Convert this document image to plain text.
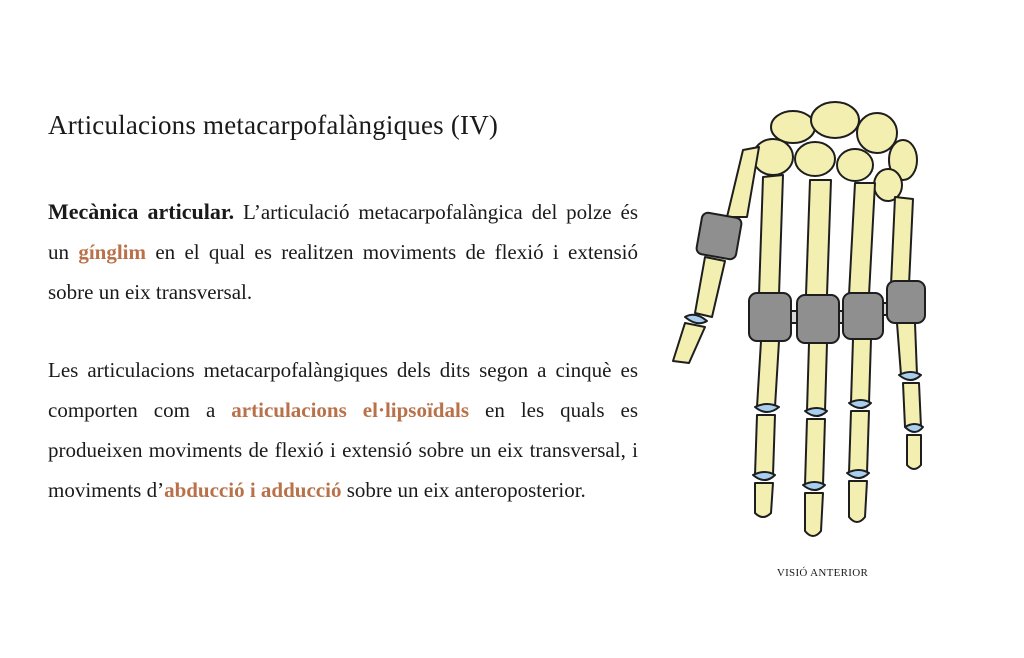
Articulacions metacarpofalàngiques (IV)

Mecànica articular. L’articulació metacarpofalàngica del polze és un gínglim en el qual es realitzen moviments de flexió i extensió sobre un eix transversal.

Les articulacions metacarpofalàngiques dels dits segon a cinquè es comporten com a articulacions el·lipsoïdals en les quals es produeixen moviments de flexió i extensió sobre un eix transversal, i moviments d’abducció i adducció sobre un eix anteroposterior.

VISIÓ ANTERIOR
